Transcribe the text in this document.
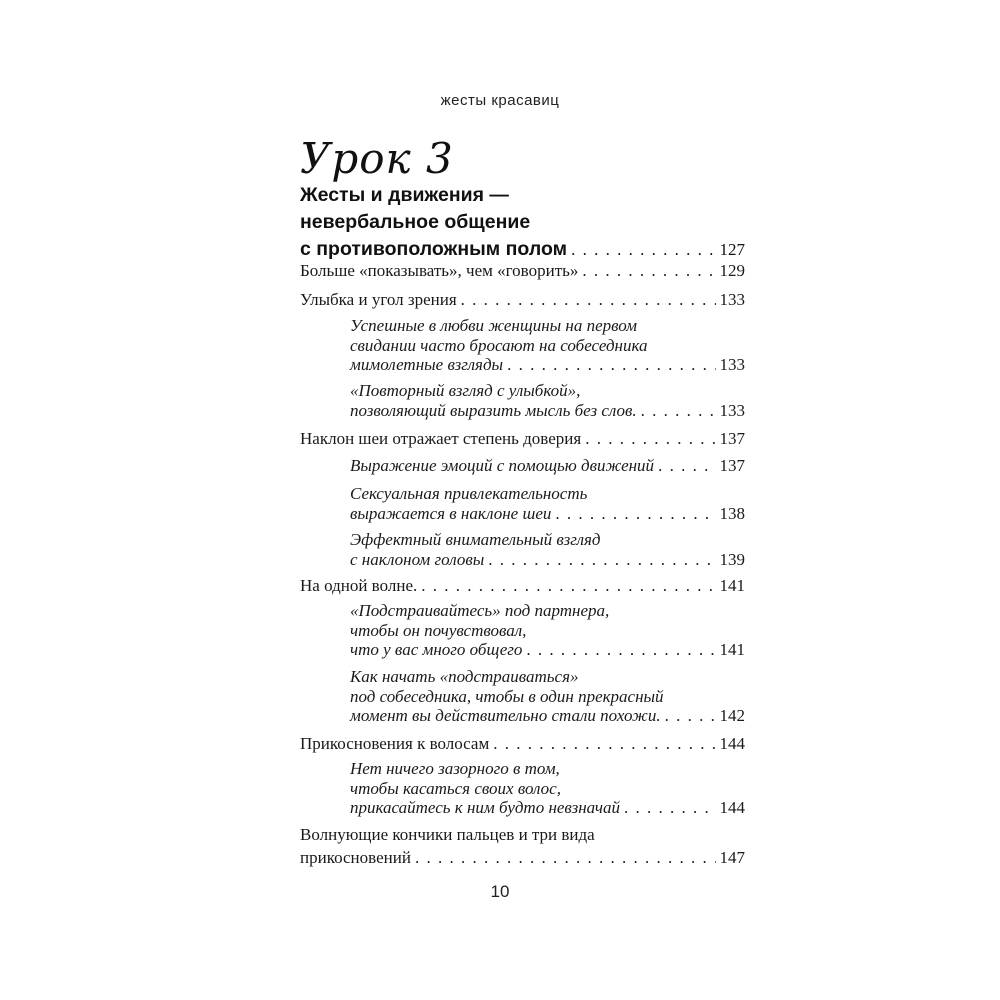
жесты красавиц
Урок 3
Жесты и движения —
невербальное общение
с противоположным полом . . .	127
Больше «показывать», чем «говорить» . . .	129
Улыбка и угол зрения . . .	133
Успешные в любви женщины на первом
свидании часто бросают на собеседника
мимолетные взгляды . . .	133
«Повторный взгляд с улыбкой»,
позволяющий выразить мысль без слов. . . .	133
Наклон шеи отражает степень доверия . . .	137
Выражение эмоций с помощью движений . . .	137
Сексуальная привлекательность
выражается в наклоне шеи . . .	138
Эффектный внимательный взгляд
с наклоном головы . . .	139
На одной волне. . . .	141
«Подстраивайтесь» под партнера,
чтобы он почувствовал,
что у вас много общего . . .	141
Как начать «подстраиваться»
под собеседника, чтобы в один прекрасный
момент вы действительно стали похожи. . . .	142
Прикосновения к волосам . . .	144
Нет ничего зазорного в том,
чтобы касаться своих волос,
прикасайтесь к ним будто невзначай . . .	144
Волнующие кончики пальцев и три вида
прикосновений . . .	147
10
